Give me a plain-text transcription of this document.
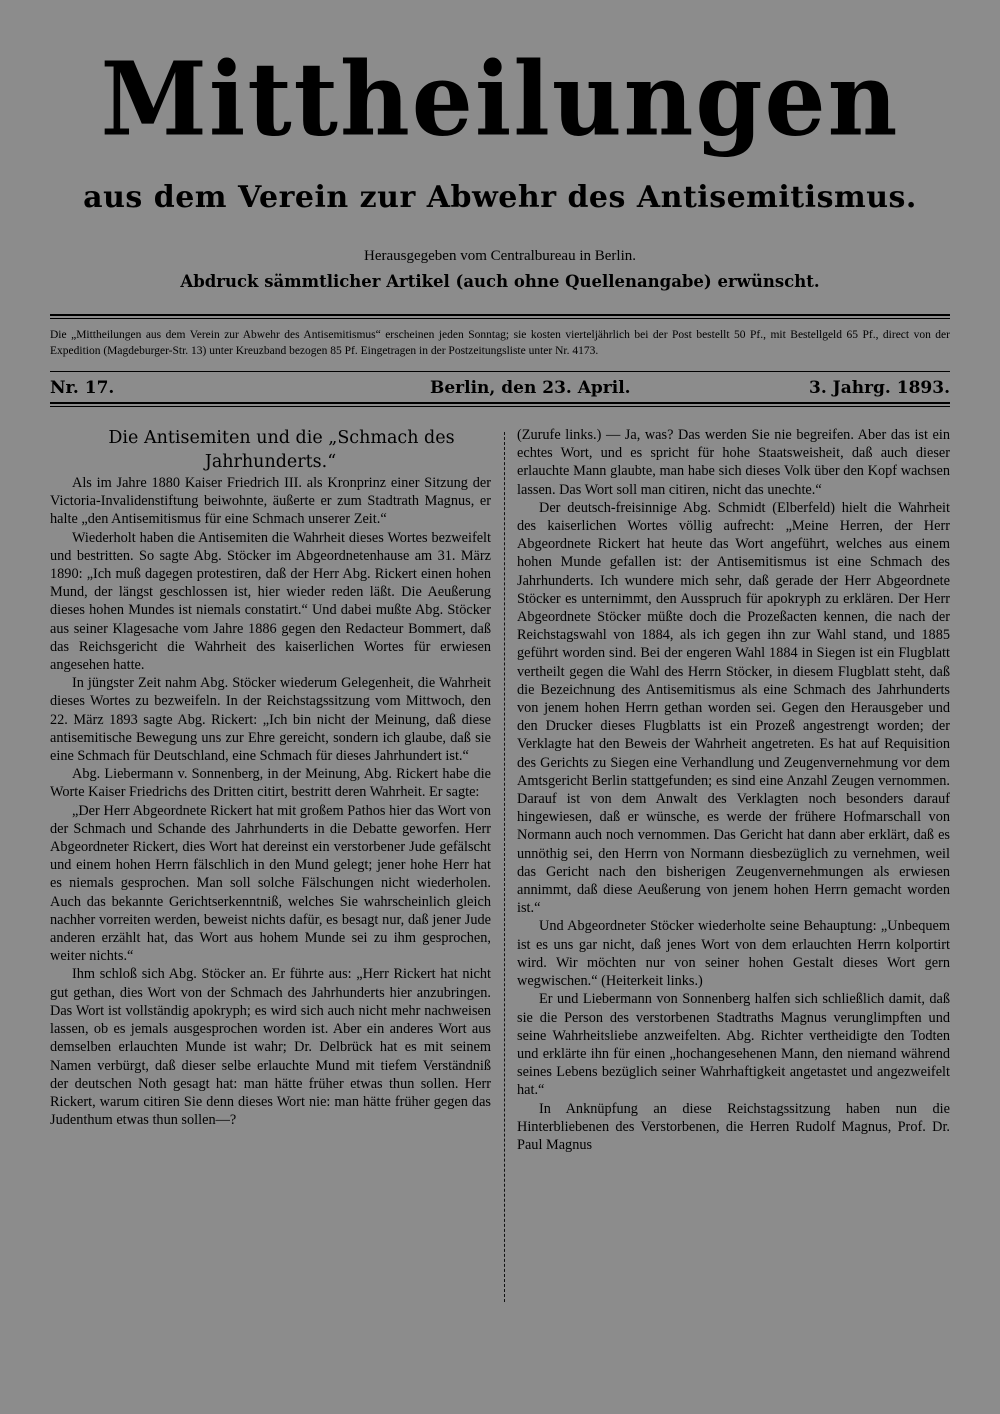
Mittheilungen
aus dem Verein zur Abwehr des Antisemitismus.
Herausgegeben vom Centralbureau in Berlin.
Abdruck sämmtlicher Artikel (auch ohne Quellenangabe) erwünscht.
Die „Mittheilungen aus dem Verein zur Abwehr des Antisemitismus“ erscheinen jeden Sonntag; sie kosten vierteljährlich bei der Post bestellt 50 Pf., mit Bestellgeld 65 Pf., direct von der Expedition (Magdeburger-Str. 13) unter Kreuzband bezogen 85 Pf. Eingetragen in der Postzeitungsliste unter Nr. 4173.
Nr. 17.	Berlin, den 23. April.	3. Jahrg. 1893.

Die Antisemiten und die „Schmach des Jahrhunderts.“

Als im Jahre 1880 Kaiser Friedrich III. als Kronprinz einer Sitzung der Victoria-Invalidenstiftung beiwohnte, äußerte er zum Stadtrath Magnus, er halte „den Antisemitismus für eine Schmach unserer Zeit.“

Wiederholt haben die Antisemiten die Wahrheit dieses Wortes bezweifelt und bestritten. So sagte Abg. Stöcker im Abgeordnetenhause am 31. März 1890: „Ich muß dagegen protestiren, daß der Herr Abg. Rickert einen hohen Mund, der längst geschlossen ist, hier wieder reden läßt. Die Aeußerung dieses hohen Mundes ist niemals constatirt.“ Und dabei mußte Abg. Stöcker aus seiner Klagesache vom Jahre 1886 gegen den Redacteur Bommert, daß das Reichsgericht die Wahrheit des kaiserlichen Wortes für erwiesen angesehen hatte.

In jüngster Zeit nahm Abg. Stöcker wiederum Gelegenheit, die Wahrheit dieses Wortes zu bezweifeln. In der Reichstagssitzung vom Mittwoch, den 22. März 1893 sagte Abg. Rickert: „Ich bin nicht der Meinung, daß diese antisemitische Bewegung uns zur Ehre gereicht, sondern ich glaube, daß sie eine Schmach für Deutschland, eine Schmach für dieses Jahrhundert ist.“

Abg. Liebermann v. Sonnenberg, in der Meinung, Abg. Rickert habe die Worte Kaiser Friedrichs des Dritten citirt, bestritt deren Wahrheit. Er sagte:

„Der Herr Abgeordnete Rickert hat mit großem Pathos hier das Wort von der Schmach und Schande des Jahrhunderts in die Debatte geworfen. Herr Abgeordneter Rickert, dies Wort hat dereinst ein verstorbener Jude gefälscht und einem hohen Herrn fälschlich in den Mund gelegt; jener hohe Herr hat es niemals gesprochen. Man soll solche Fälschungen nicht wiederholen. Auch das bekannte Gerichtserkenntniß, welches Sie wahrscheinlich gleich nachher vorreiten werden, beweist nichts dafür, es besagt nur, daß jener Jude anderen erzählt hat, das Wort aus hohem Munde sei zu ihm gesprochen, weiter nichts.“

Ihm schloß sich Abg. Stöcker an. Er führte aus: „Herr Rickert hat nicht gut gethan, dies Wort von der Schmach des Jahrhunderts hier anzubringen. Das Wort ist vollständig apokryph; es wird sich auch nicht mehr nachweisen lassen, ob es jemals ausgesprochen worden ist. Aber ein anderes Wort aus demselben erlauchten Munde ist wahr; Dr. Delbrück hat es mit seinem Namen verbürgt, daß dieser selbe erlauchte Mund mit tiefem Verständniß der deutschen Noth gesagt hat: man hätte früher etwas thun sollen. Herr Rickert, warum citiren Sie denn dieses Wort nie: man hätte früher gegen das Judenthum etwas thun sollen—?

(Zurufe links.) — Ja, was? Das werden Sie nie begreifen. Aber das ist ein echtes Wort, und es spricht für hohe Staatsweisheit, daß auch dieser erlauchte Mann glaubte, man habe sich dieses Volk über den Kopf wachsen lassen. Das Wort soll man citiren, nicht das unechte.“

Der deutsch-freisinnige Abg. Schmidt (Elberfeld) hielt die Wahrheit des kaiserlichen Wortes völlig aufrecht: „Meine Herren, der Herr Abgeordnete Rickert hat heute das Wort angeführt, welches aus einem hohen Munde gefallen ist: der Antisemitismus ist eine Schmach des Jahrhunderts. Ich wundere mich sehr, daß gerade der Herr Abgeordnete Stöcker es unternimmt, den Ausspruch für apokryph zu erklären. Der Herr Abgeordnete Stöcker müßte doch die Prozeßacten kennen, die nach der Reichstagswahl von 1884, als ich gegen ihn zur Wahl stand, und 1885 geführt worden sind. Bei der engeren Wahl 1884 in Siegen ist ein Flugblatt vertheilt gegen die Wahl des Herrn Stöcker, in diesem Flugblatt steht, daß die Bezeichnung des Antisemitismus als eine Schmach des Jahrhunderts von jenem hohen Herrn gethan worden sei. Gegen den Herausgeber und den Drucker dieses Flugblatts ist ein Prozeß angestrengt worden; der Verklagte hat den Beweis der Wahrheit angetreten. Es hat auf Requisition des Gerichts zu Siegen eine Verhandlung und Zeugenvernehmung vor dem Amtsgericht Berlin stattgefunden; es sind eine Anzahl Zeugen vernommen. Darauf ist von dem Anwalt des Verklagten noch besonders darauf hingewiesen, daß er wünsche, es werde der frühere Hofmarschall von Normann auch noch vernommen. Das Gericht hat dann aber erklärt, daß es unnöthig sei, den Herrn von Normann diesbezüglich zu vernehmen, weil das Gericht nach den bisherigen Zeugenvernehmungen als erwiesen annimmt, daß diese Aeußerung von jenem hohen Herrn gemacht worden ist.“

Und Abgeordneter Stöcker wiederholte seine Behauptung: „Unbequem ist es uns gar nicht, daß jenes Wort von dem erlauchten Herrn kolportirt wird. Wir möchten nur von seiner hohen Gestalt dieses Wort gern wegwischen.“ (Heiterkeit links.)

Er und Liebermann von Sonnenberg halfen sich schließlich damit, daß sie die Person des verstorbenen Stadtraths Magnus verunglimpften und seine Wahrheitsliebe anzweifelten. Abg. Richter vertheidigte den Todten und erklärte ihn für einen „hochangesehenen Mann, den niemand während seines Lebens bezüglich seiner Wahrhaftigkeit angetastet und angezweifelt hat.“

In Anknüpfung an diese Reichstagssitzung haben nun die Hinterbliebenen des Verstorbenen, die Herren Rudolf Magnus, Prof. Dr. Paul Magnus
